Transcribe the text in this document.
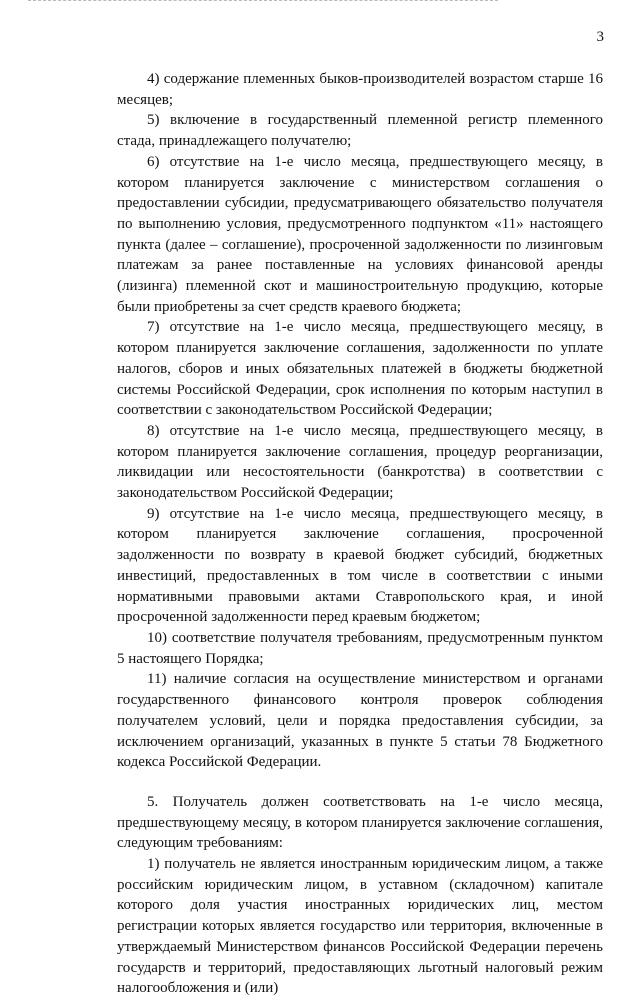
3

4) содержание племенных быков-производителей возрастом старше 16 месяцев;

5) включение в государственный племенной регистр племенного стада, принадлежащего получателю;

6) отсутствие на 1-е число месяца, предшествующего месяцу, в котором планируется заключение с министерством соглашения о предоставлении субсидии, предусматривающего обязательство получателя по выполнению условия, предусмотренного подпунктом «11» настоящего пункта (далее – соглашение), просроченной задолженности по лизинговым платежам за ранее поставленные на условиях финансовой аренды (лизинга) племенной скот и машиностроительную продукцию, которые были приобретены за счет средств краевого бюджета;

7) отсутствие на 1-е число месяца, предшествующего месяцу, в котором планируется заключение соглашения, задолженности по уплате налогов, сборов и иных обязательных платежей в бюджеты бюджетной системы Российской Федерации, срок исполнения по которым наступил в соответствии с законодательством Российской Федерации;

8) отсутствие на 1-е число месяца, предшествующего месяцу, в котором планируется заключение соглашения, процедур реорганизации, ликвидации или несостоятельности (банкротства) в соответствии с законодательством Российской Федерации;

9) отсутствие на 1-е число месяца, предшествующего месяцу, в котором планируется заключение соглашения, просроченной задолженности по возврату в краевой бюджет субсидий, бюджетных инвестиций, предоставленных в том числе в соответствии с иными нормативными правовыми актами Ставропольского края, и иной просроченной задолженности перед краевым бюджетом;

10) соответствие получателя требованиям, предусмотренным пунктом 5 настоящего Порядка;

11) наличие согласия на осуществление министерством и органами государственного финансового контроля проверок соблюдения получателем условий, цели и порядка предоставления субсидии, за исключением организаций, указанных в пункте 5 статьи 78 Бюджетного кодекса Российской Федерации.

5. Получатель должен соответствовать на 1-е число месяца, предшествующему месяцу, в котором планируется заключение соглашения, следующим требованиям:

1) получатель не является иностранным юридическим лицом, а также российским юридическим лицом, в уставном (складочном) капитале которого доля участия иностранных юридических лиц, местом регистрации которых является государство или территория, включенные в утверждаемый Министерством финансов Российской Федерации перечень государств и территорий, предоставляющих льготный налоговый режим налогообложения и (или)
